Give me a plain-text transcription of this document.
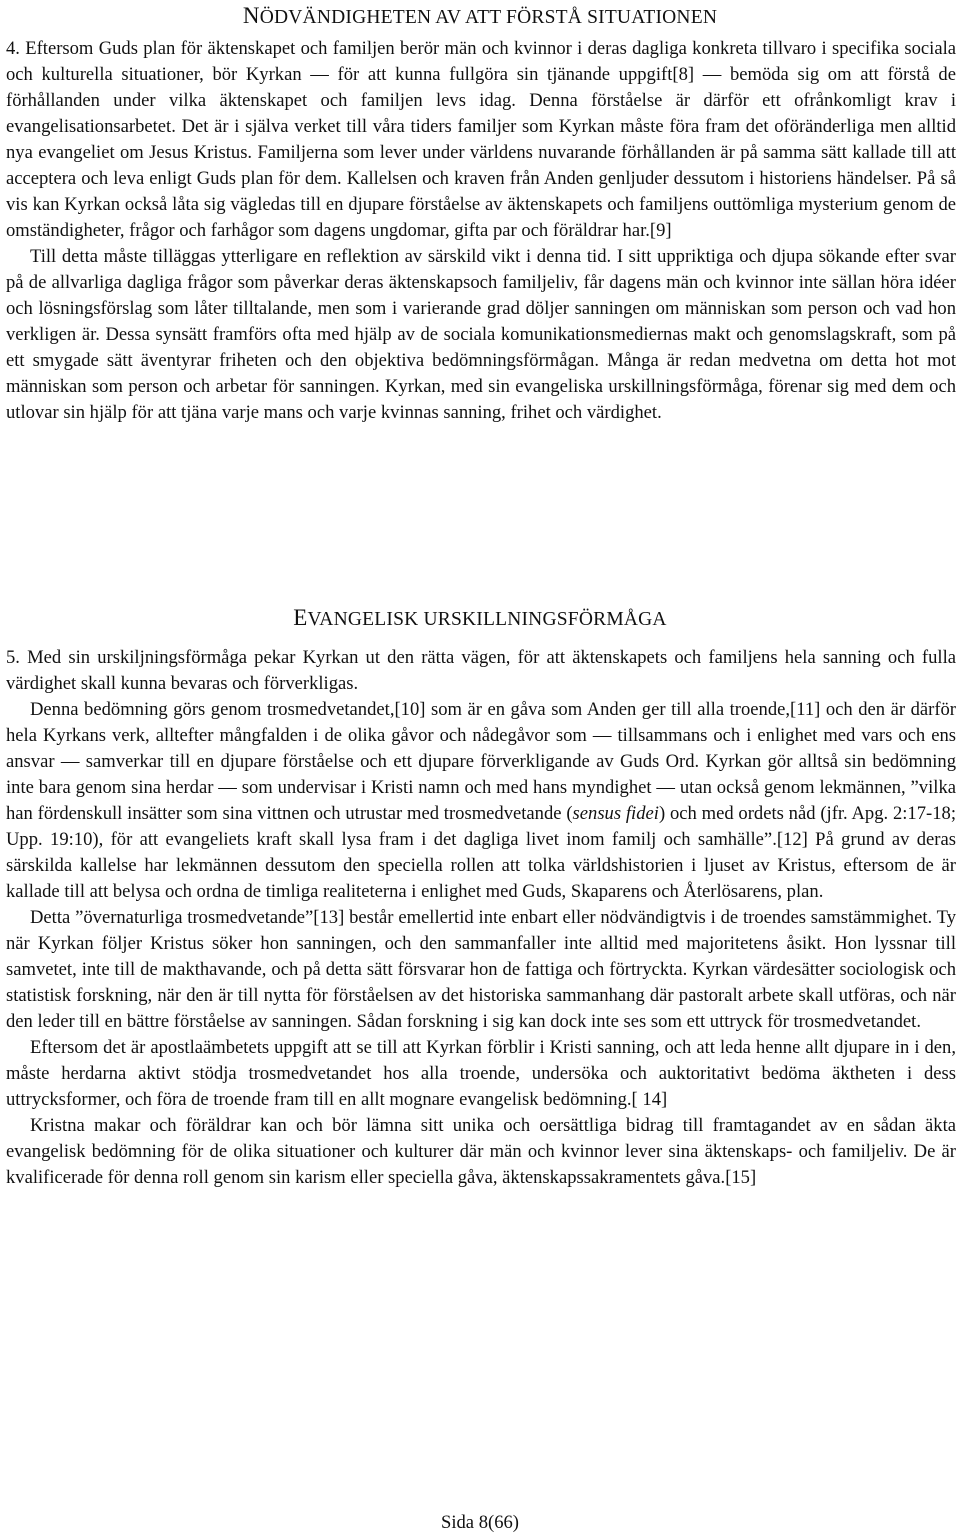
NÖDVÄNDIGHETEN AV ATT FÖRSTÅ SITUATIONEN

4. Eftersom Guds plan för äktenskapet och familjen berör män och kvinnor i deras dagliga konkreta tillvaro i specifika sociala och kulturella situationer, bör Kyrkan — för att kunna fullgöra sin tjänande uppgift[8] — bemöda sig om att förstå de förhållanden under vilka äktenskapet och familjen levs idag. Denna förståelse är därför ett ofrånkomligt krav i evangelisationsarbetet. Det är i själva verket till våra tiders familjer som Kyrkan måste föra fram det oföränderliga men alltid nya evangeliet om Jesus Kristus. Familjerna som lever under världens nuvarande förhållanden är på samma sätt kallade till att acceptera och leva enligt Guds plan för dem. Kallelsen och kraven från Anden genljuder dessutom i historiens händelser. På så vis kan Kyrkan också låta sig vägledas till en djupare förståelse av äktenskapets och familjens outtömliga mysterium genom de omständigheter, frågor och farhågor som dagens ungdomar, gifta par och föräldrar har.[9]

Till detta måste tilläggas ytterligare en reflektion av särskild vikt i denna tid. I sitt uppriktiga och djupa sökande efter svar på de allvarliga dagliga frågor som påverkar deras äktenskapsoch familjeliv, får dagens män och kvinnor inte sällan höra idéer och lösningsförslag som låter tilltalande, men som i varierande grad döljer sanningen om människan som person och vad hon verkligen är. Dessa synsätt framförs ofta med hjälp av de sociala komunikationsmediernas makt och genomslagskraft, som på ett smygade sätt äventyrar friheten och den objektiva bedömningsförmågan. Många är redan medvetna om detta hot mot människan som person och arbetar för sanningen. Kyrkan, med sin evangeliska urskillningsförmåga, förenar sig med dem och utlovar sin hjälp för att tjäna varje mans och varje kvinnas sanning, frihet och värdighet.

EVANGELISK URSKILLNINGSFÖRMÅGA

5. Med sin urskiljningsförmåga pekar Kyrkan ut den rätta vägen, för att äktenskapets och familjens hela sanning och fulla värdighet skall kunna bevaras och förverkligas.

Denna bedömning görs genom trosmedvetandet,[10] som är en gåva som Anden ger till alla troende,[11] och den är därför hela Kyrkans verk, alltefter mångfalden i de olika gåvor och nådegåvor som — tillsammans och i enlighet med vars och ens ansvar — samverkar till en djupare förståelse och ett djupare förverkligande av Guds Ord. Kyrkan gör alltså sin bedömning inte bara genom sina herdar — som undervisar i Kristi namn och med hans myndighet — utan också genom lekmännen, ”vilka han fördenskull insätter som sina vittnen och utrustar med trosmedvetande (sensus fidei) och med ordets nåd (jfr. Apg. 2:17-18; Upp. 19:10), för att evangeliets kraft skall lysa fram i det dagliga livet inom familj och samhälle”.[12] På grund av deras särskilda kallelse har lekmännen dessutom den speciella rollen att tolka världshistorien i ljuset av Kristus, eftersom de är kallade till att belysa och ordna de timliga realiteterna i enlighet med Guds, Skaparens och Återlösarens, plan.

Detta ”övernaturliga trosmedvetande”[13] består emellertid inte enbart eller nödvändigtvis i de troendes samstämmighet. Ty när Kyrkan följer Kristus söker hon sanningen, och den sammanfaller inte alltid med majoritetens åsikt. Hon lyssnar till samvetet, inte till de makthavande, och på detta sätt försvarar hon de fattiga och förtryckta. Kyrkan värdesätter sociologisk och statistisk forskning, när den är till nytta för förståelsen av det historiska sammanhang där pastoralt arbete skall utföras, och när den leder till en bättre förståelse av sanningen. Sådan forskning i sig kan dock inte ses som ett uttryck för trosmedvetandet.

Eftersom det är apostlaämbetets uppgift att se till att Kyrkan förblir i Kristi sanning, och att leda henne allt djupare in i den, måste herdarna aktivt stödja trosmedvetandet hos alla troende, undersöka och auktoritativt bedöma äktheten i dess uttrycksformer, och föra de troende fram till en allt mognare evangelisk bedömning.[ 14]

Kristna makar och föräldrar kan och bör lämna sitt unika och oersättliga bidrag till framtagandet av en sådan äkta evangelisk bedömning för de olika situationer och kulturer där män och kvinnor lever sina äktenskaps- och familjeliv. De är kvalificerade för denna roll genom sin karism eller speciella gåva, äktenskapssakramentets gåva.[15]

Sida 8(66)
